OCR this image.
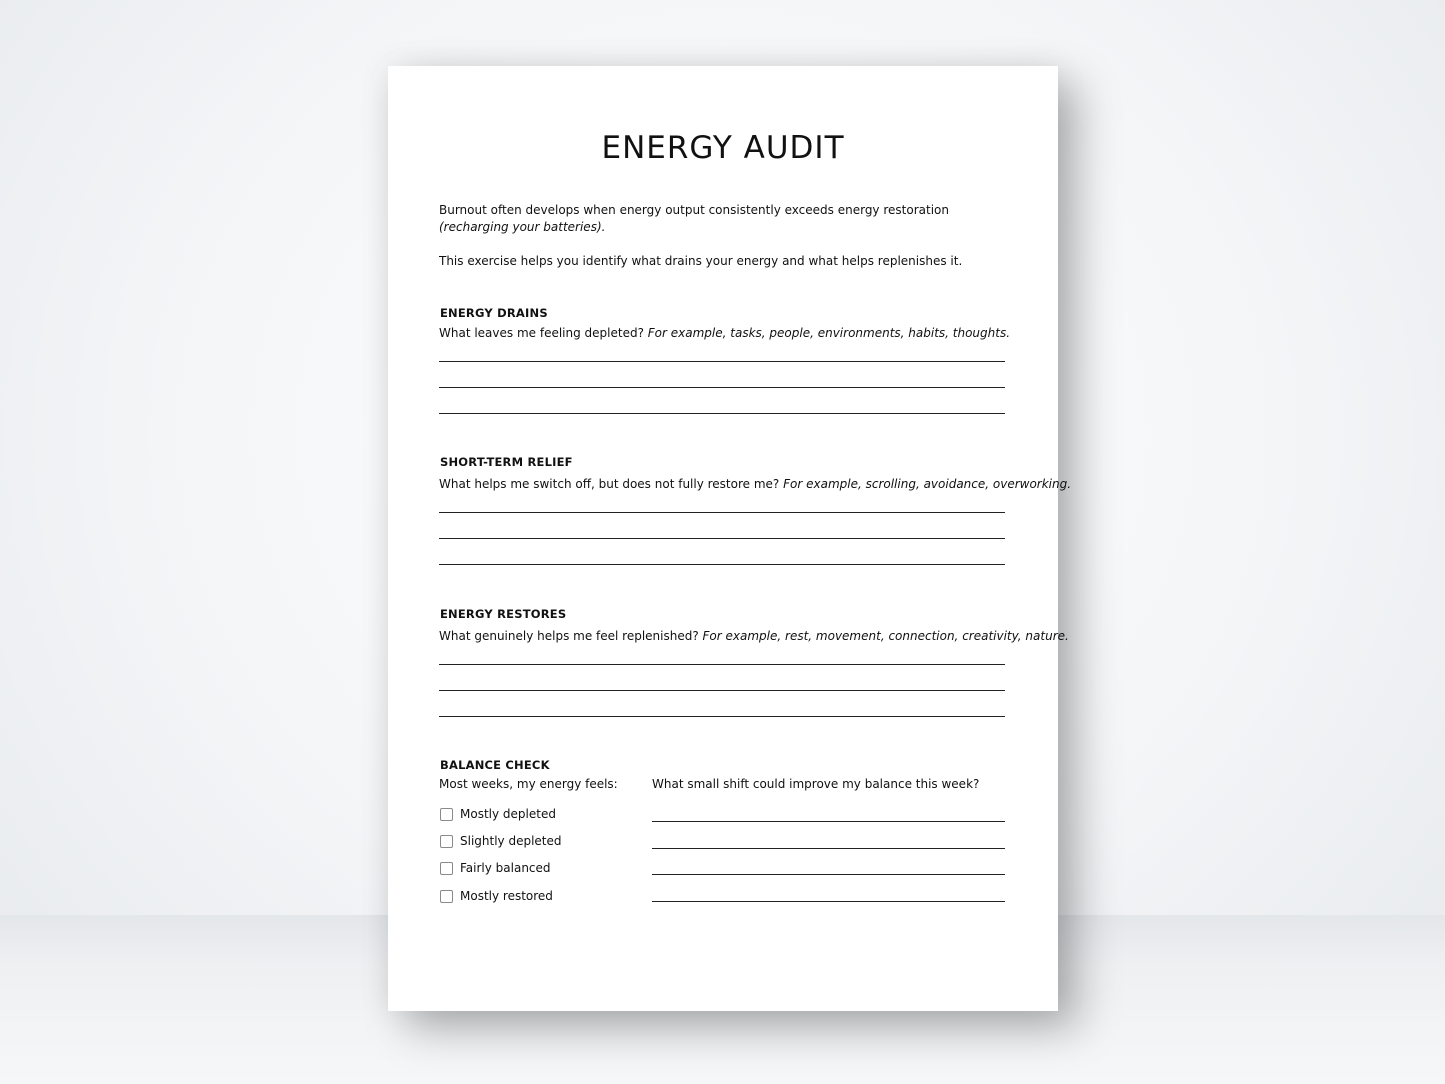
ENERGY AUDIT
Burnout often develops when energy output consistently exceeds energy restoration (recharging your batteries).
This exercise helps you identify what drains your energy and what helps replenishes it.
ENERGY DRAINS
What leaves me feeling depleted? For example, tasks, people, environments, habits, thoughts.
SHORT-TERM RELIEF
What helps me switch off, but does not fully restore me? For example, scrolling, avoidance, overworking.
ENERGY RESTORES
What genuinely helps me feel replenished? For example, rest, movement, connection, creativity, nature.
BALANCE CHECK
Most weeks, my energy feels:	What small shift could improve my balance this week?
Mostly depleted
Slightly depleted
Fairly balanced
Mostly restored
